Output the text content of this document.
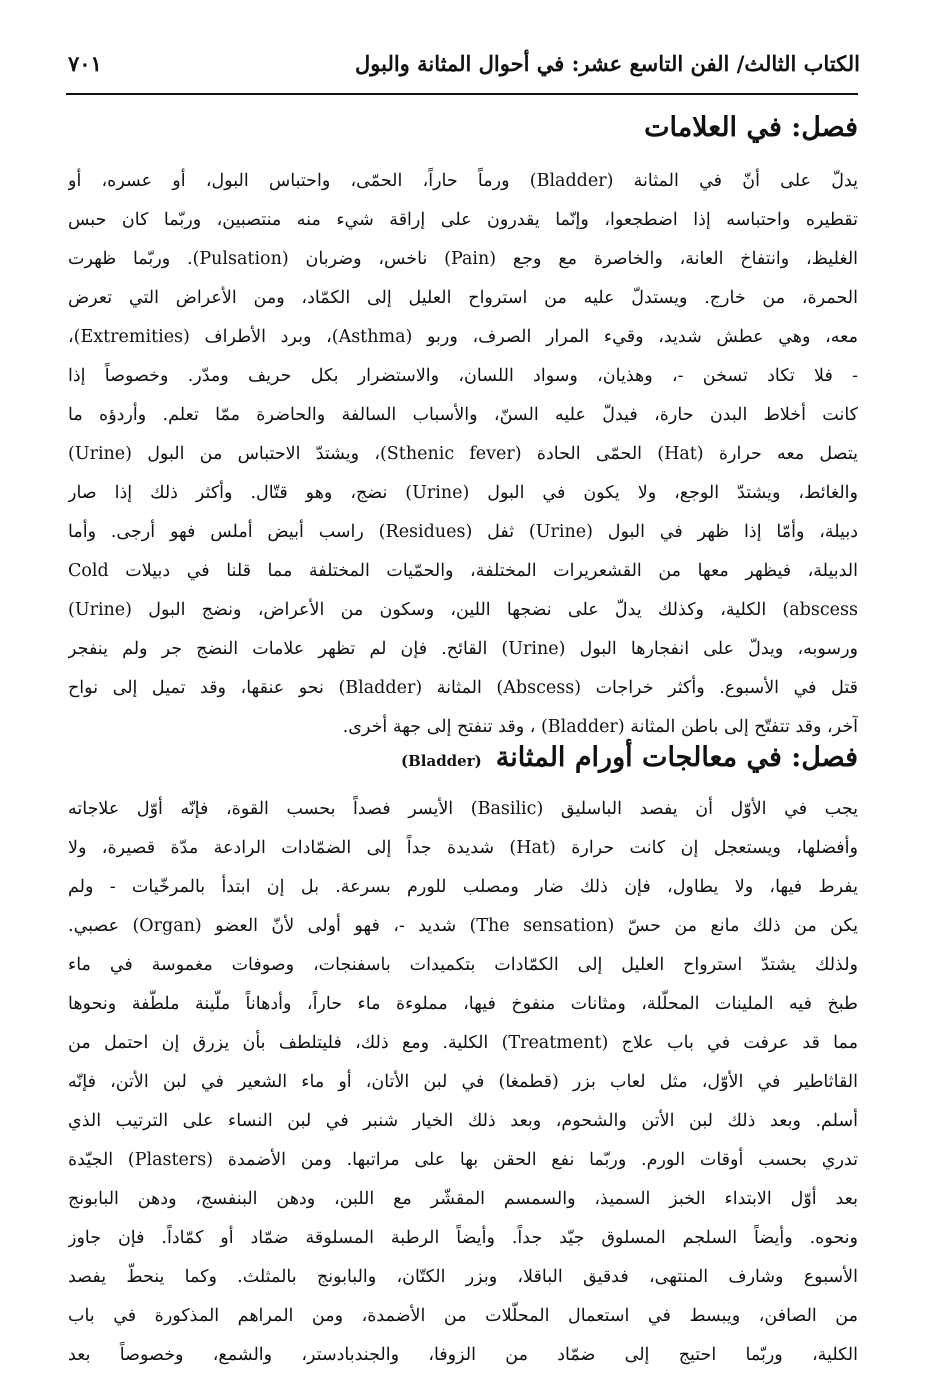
الكتاب الثالث/ الفن التاسع عشر: في أحوال المثانة والبول
٧٠١
فصل: في العلامات
يدلّ على أنّ في المثانة (Bladder) ورماً حاراً، الحمّى، واحتباس البول، أو عسره، أو
تقطيره واحتباسه إذا اضطجعوا، وإنّما يقدرون على إراقة شيء منه منتصبين، وربّما كان حبس
الغليظ، وانتفاخ العانة، والخاصرة مع وجع (Pain) ناخس، وضربان (Pulsation). وربّما ظهرت
الحمرة، من خارج. ويستدلّ عليه من استرواح العليل إلى الكمّاد، ومن الأعراض التي تعرض
معه، وهي عطش شديد، وقيء المرار الصرف، وربو (Asthma)، وبرد الأطراف (Extremities)،
- فلا تكاد تسخن -، وهذيان، وسواد اللسان، والاستضرار بكل حريف ومدّر. وخصوصاً إذا
كانت أخلاط البدن حارة، فيدلّ عليه السنّ، والأسباب السالفة والحاضرة ممّا تعلم. وأردؤه ما
يتصل معه حرارة (Hat) الحمّى الحادة (Sthenic fever)، ويشتدّ الاحتباس من البول (Urine)
والغائط، ويشتدّ الوجع، ولا يكون في البول (Urine) نضج، وهو قتّال. وأكثر ذلك إذا صار
دبيلة، وأمّا إذا ظهر في البول (Urine) ثفل (Residues) راسب أبيض أملس فهو أرجى. وأما
الدبيلة، فيظهر معها من القشعريرات المختلفة، والحمّيات المختلفة مما قلنا في دبيلات Cold
abscess) الكلية، وكذلك يدلّ على نضجها اللين، وسكون من الأعراض، ونضج البول (Urine)
ورسوبه، ويدلّ على انفجارها البول (Urine) القائح. فإن لم تظهر علامات النضج جر ولم ينفجر
قتل في الأسبوع. وأكثر خراجات (Abscess) المثانة (Bladder) نحو عنقها، وقد تميل إلى نواح
آخر، وقد تتفتّح إلى باطن المثانة (Bladder) ، وقد تنفتح إلى جهة أخرى.
فصل: في معالجات أورام المثانة(Bladder)
يجب في الأوّل أن يفصد الباسليق (Basilic) الأيسر فصداً بحسب القوة، فإنّه أوّل علاجاته
وأفضلها، ويستعجل إن كانت حرارة (Hat) شديدة جداً إلى الضمّادات الرادعة مدّة قصيرة، ولا
يفرط فيها، ولا يطاول، فإن ذلك ضار ومصلب للورم بسرعة. بل إن ابتدأ بالمرخّيات - ولم
يكن من ذلك مانع من حسّ (The sensation) شديد -، فهو أولى لأنّ العضو (Organ) عصبي.
ولذلك يشتدّ استرواح العليل إلى الكمّادات بتكميدات باسفنجات، وصوفات مغموسة في ماء
طبخ فيه الملينات المحلّلة، ومثانات منفوخ فيها، مملوءة ماء حاراً، وأدهاناً ملّينة ملطّفة ونحوها
مما قد عرفت في باب علاج (Treatment) الكلية. ومع ذلك، فليتلطف بأن يزرق إن احتمل من
القاثاطير في الأوّل، مثل لعاب بزر (قطمغا) في لبن الأتان، أو ماء الشعير في لبن الأتن، فإنّه
أسلم. وبعد ذلك لبن الأتن والشحوم، وبعد ذلك الخيار شنبر في لبن النساء على الترتيب الذي
تدري بحسب أوقات الورم. وربّما نفع الحقن بها على مراتبها. ومن الأضمدة (Plasters) الجيّدة
بعد أوّل الابتداء الخبز السميذ، والسمسم المقشّر مع اللبن، ودهن البنفسج، ودهن البابونج
ونحوه. وأيضاً السلجم المسلوق جيّد جداً. وأيضاً الرطبة المسلوقة ضمّاد أو كمّاداً. فإن جاوز
الأسبوع وشارف المنتهى، فدقيق الباقلا، وبزر الكتّان، والبابونج بالمثلث. وكما ينحطّ يفصد
من الصافن، ويبسط في استعمال المحلّلات من الأضمدة، ومن المراهم المذكورة في باب
الكلية، وربّما احتيج إلى ضمّاد من الزوفا، والجندبادستر، والشمع، وخصوصاً بعد
